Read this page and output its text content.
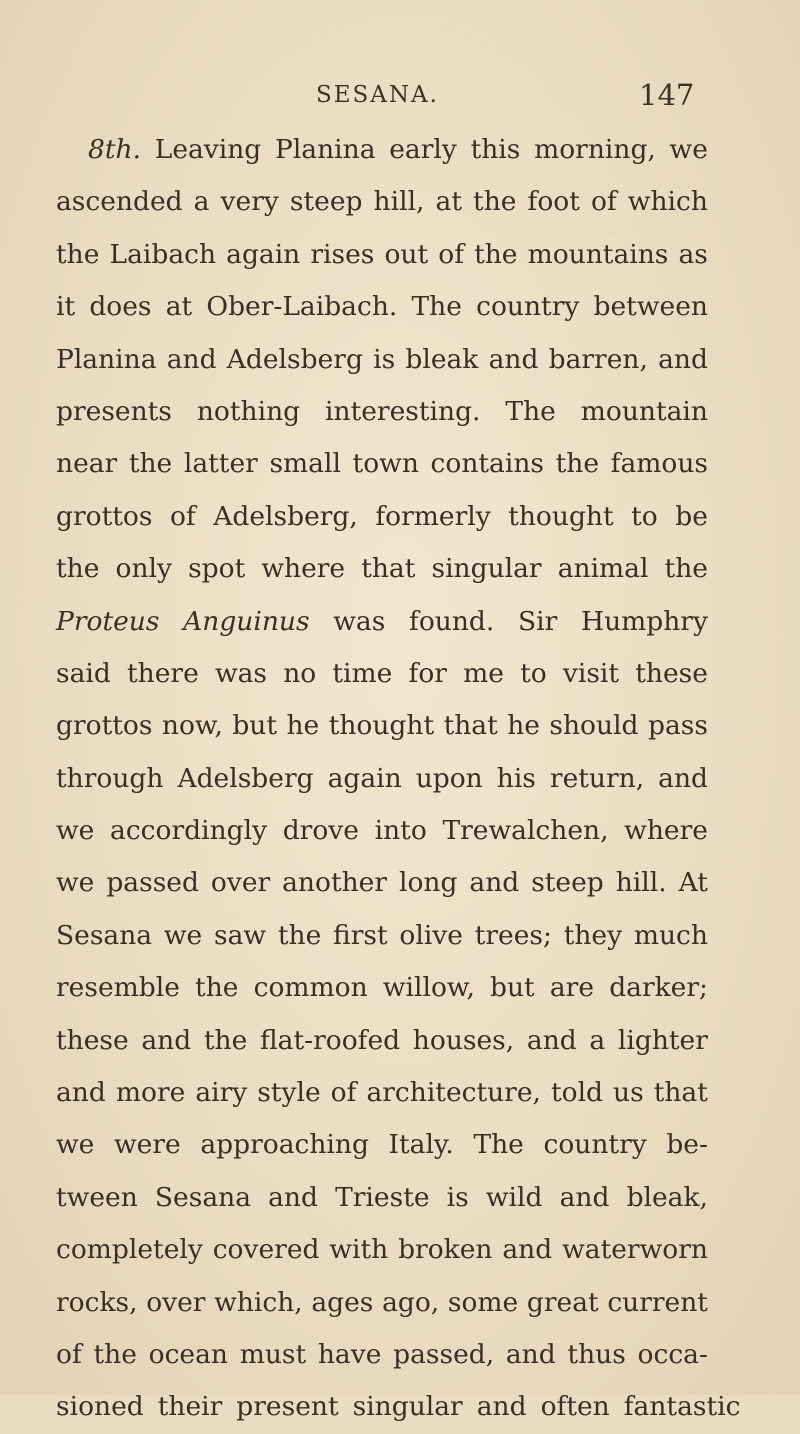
SESANA.	147
8th. Leaving Planina early this morning, we
ascended a very steep hill, at the foot of which
the Laibach again rises out of the mountains as
it does at Ober-Laibach. The country between
Planina and Adelsberg is bleak and barren, and
presents nothing interesting. The mountain
near the latter small town contains the famous
grottos of Adelsberg, formerly thought to be
the only spot where that singular animal the
Proteus Anguinus was found. Sir Humphry
said there was no time for me to visit these
grottos now, but he thought that he should pass
through Adelsberg again upon his return, and
we accordingly drove into Trewalchen, where
we passed over another long and steep hill. At
Sesana we saw the first olive trees; they much
resemble the common willow, but are darker;
these and the flat-roofed houses, and a lighter
and more airy style of architecture, told us that
we were approaching Italy. The country be-
tween Sesana and Trieste is wild and bleak,
completely covered with broken and waterworn
rocks, over which, ages ago, some great current
of the ocean must have passed, and thus occa-
sioned their present singular and often fantastic
